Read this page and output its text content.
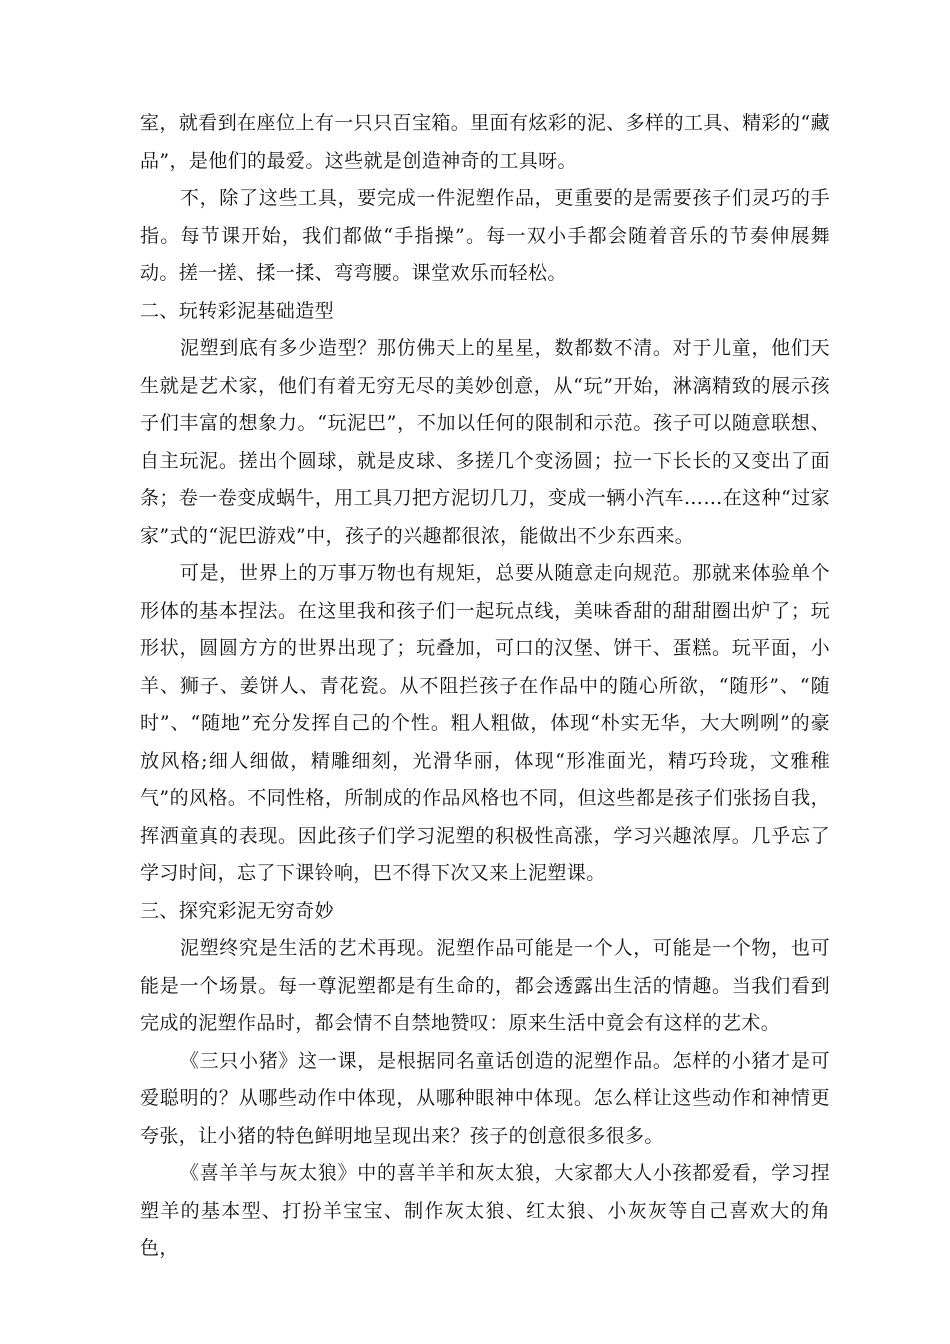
室，就看到在座位上有一只只百宝箱。里面有炫彩的泥、多样的工具、精彩的“藏品”，是他们的最爱。这些就是创造神奇的工具呀。

不，除了这些工具，要完成一件泥塑作品，更重要的是需要孩子们灵巧的手指。每节课开始，我们都做“手指操”。每一双小手都会随着音乐的节奏伸展舞动。搓一搓、揉一揉、弯弯腰。课堂欢乐而轻松。

二、玩转彩泥基础造型

泥塑到底有多少造型？那仿佛天上的星星，数都数不清。对于儿童，他们天生就是艺术家，他们有着无穷无尽的美妙创意，从“玩”开始，淋漓精致的展示孩子们丰富的想象力。“玩泥巴”，不加以任何的限制和示范。孩子可以随意联想、自主玩泥。搓出个圆球，就是皮球、多搓几个变汤圆；拉一下长长的又变出了面条；卷一卷变成蜗牛，用工具刀把方泥切几刀，变成一辆小汽车……在这种“过家家”式的“泥巴游戏”中，孩子的兴趣都很浓，能做出不少东西来。

可是，世界上的万事万物也有规矩，总要从随意走向规范。那就来体验单个形体的基本捏法。在这里我和孩子们一起玩点线，美味香甜的甜甜圈出炉了；玩形状，圆圆方方的世界出现了；玩叠加，可口的汉堡、饼干、蛋糕。玩平面，小羊、狮子、姜饼人、青花瓷。从不阻拦孩子在作品中的随心所欲，“随形”、“随时”、“随地”充分发挥自己的个性。粗人粗做，体现“朴实无华，大大咧咧”的豪放风格;细人细做，精雕细刻，光滑华丽，体现“形准面光，精巧玲珑，文雅稚气”的风格。不同性格，所制成的作品风格也不同，但这些都是孩子们张扬自我，挥洒童真的表现。因此孩子们学习泥塑的积极性高涨，学习兴趣浓厚。几乎忘了学习时间，忘了下课铃响，巴不得下次又来上泥塑课。

三、探究彩泥无穷奇妙

泥塑终究是生活的艺术再现。泥塑作品可能是一个人，可能是一个物，也可能是一个场景。每一尊泥塑都是有生命的，都会透露出生活的情趣。当我们看到完成的泥塑作品时，都会情不自禁地赞叹：原来生活中竟会有这样的艺术。

《三只小猪》这一课，是根据同名童话创造的泥塑作品。怎样的小猪才是可爱聪明的？从哪些动作中体现，从哪种眼神中体现。怎么样让这些动作和神情更夸张，让小猪的特色鲜明地呈现出来？孩子的创意很多很多。

《喜羊羊与灰太狼》中的喜羊羊和灰太狼，大家都大人小孩都爱看，学习捏塑羊的基本型、打扮羊宝宝、制作灰太狼、红太狼、小灰灰等自己喜欢大的角色，
